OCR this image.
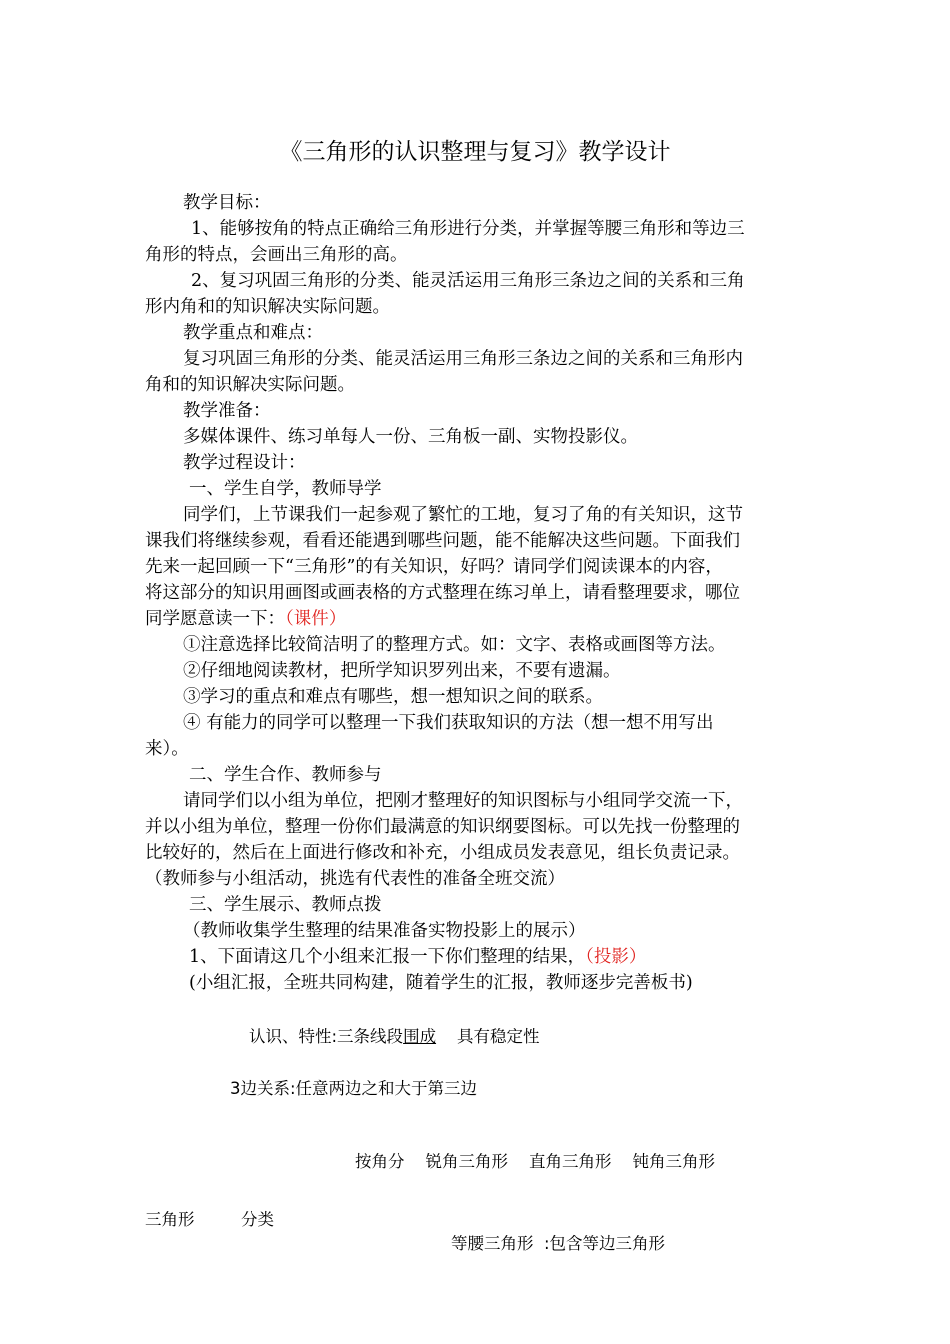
《三角形的认识整理与复习》教学设计
教学目标：
1、能够按角的特点正确给三角形进行分类，并掌握等腰三角形和等边三
角形的特点，会画出三角形的高。
2、复习巩固三角形的分类、能灵活运用三角形三条边之间的关系和三角
形内角和的知识解决实际问题。
教学重点和难点：
复习巩固三角形的分类、能灵活运用三角形三条边之间的关系和三角形内
角和的知识解决实际问题。
教学准备：
多媒体课件、练习单每人一份、三角板一副、实物投影仪。
教学过程设计：
一、学生自学，教师导学
同学们，上节课我们一起参观了繁忙的工地，复习了角的有关知识，这节
课我们将继续参观，看看还能遇到哪些问题，能不能解决这些问题。下面我们
先来一起回顾一下“三角形”的有关知识，好吗？请同学们阅读课本的内容，
将这部分的知识用画图或画表格的方式整理在练习单上，请看整理要求，哪位
同学愿意读一下：（课件）
①注意选择比较简洁明了的整理方式。如：文字、表格或画图等方法。
②仔细地阅读教材，把所学知识罗列出来，不要有遗漏。
③学习的重点和难点有哪些，想一想知识之间的联系。
④ 有能力的同学可以整理一下我们获取知识的方法（想一想不用写出
来）。
二、学生合作、教师参与
请同学们以小组为单位，把刚才整理好的知识图标与小组同学交流一下，
并以小组为单位，整理一份你们最满意的知识纲要图标。可以先找一份整理的
比较好的，然后在上面进行修改和补充，小组成员发表意见，组长负责记录。
（教师参与小组活动，挑选有代表性的准备全班交流）
三、学生展示、教师点拨
（教师收集学生整理的结果准备实物投影上的展示）
1、下面请这几个小组来汇报一下你们整理的结果，（投影）
(小组汇报，全班共同构建，随着学生的汇报，教师逐步完善板书)
认识、特性:三条线段围成    具有稳定性
3边关系:任意两边之和大于第三边
按角分    锐角三角形    直角三角形    钝角三角形
三角形	分类
等腰三角形  :包含等边三角形
